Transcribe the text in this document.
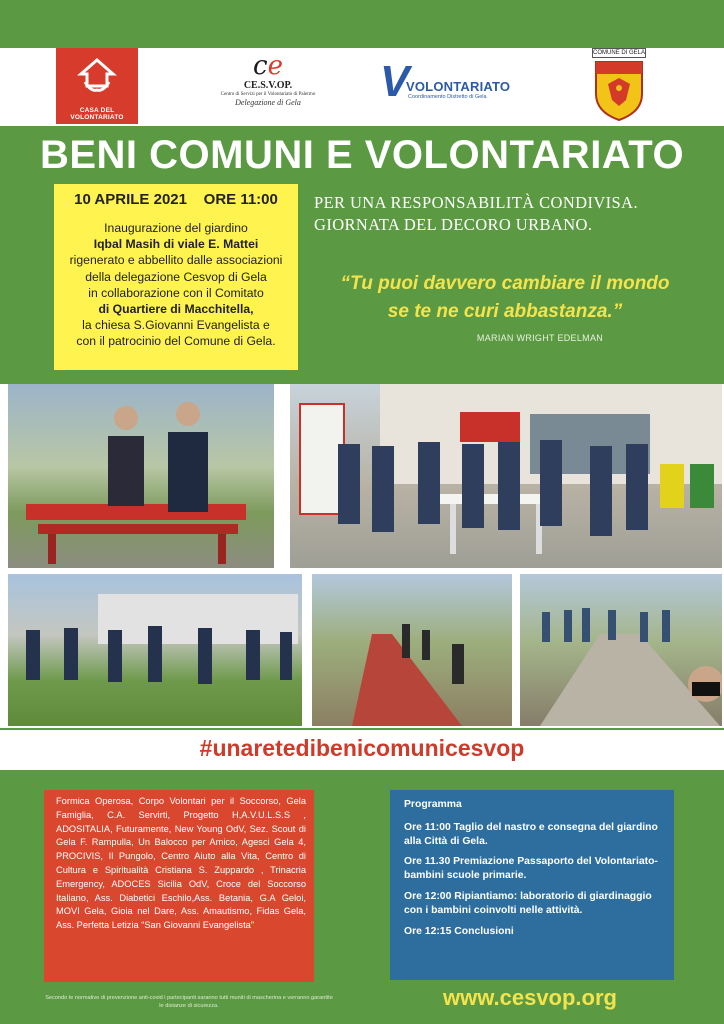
CASA DEL VOLONTARIATO
ce
CE.S.V.OP.
Centro di Servizi per il Volontariato di Palermo
Delegazione di Gela	V
VOLONTARIATO
Coordinamento Distretto di Gela
COMUNE DI GELA
BENI COMUNI E VOLONTARIATO
10 APRILE 2021    ORE 11:00
Inaugurazione del giardino
Iqbal Masih di viale E. Mattei
rigenerato e abbellito dalle associazioni
della delegazione Cesvop di Gela
in collaborazione con il Comitato
di Quartiere di Macchitella,
la chiesa S.Giovanni Evangelista e
con il patrocinio del Comune di Gela.
PER UNA RESPONSABILITÀ CONDIVISA.
GIORNATA DEL DECORO URBANO.
“Tu puoi davvero cambiare il mondo
se te ne curi abbastanza.”
MARIAN WRIGHT EDELMAN
#unaretedibenicomunicesvop
Formica Operosa, Corpo Volontari per il Soccorso, Gela Famiglia, C.A. Servirti, Progetto H,A.V.U.L.S.S , ADOSITALIA, Futuramente, New Young OdV, Sez. Scout di Gela F. Rampulla, Un Balocco per Amico, Agesci Gela 4, PROCIVIS, Il Pungolo, Centro Aiuto alla Vita, Centro di Cultura e Spiritualità Cristiana S. Zuppardo , Trinacria Emergency, ADOCES Sicilia OdV, Croce del Soccorso Italiano, Ass. Diabetici Eschilo,Ass. Betania, G.A Geloi, MOVI Gela, Gioia nel Dare, Ass. Amautismo, Fidas Gela, Ass. Perfetta Letizia “San Giovanni Evangelista”
Programma
Ore 11:00 Taglio del nastro e consegna del giardino alla Città di Gela.
Ore 11.30 Premiazione Passaporto del Volontariato-bambini scuole primarie.
Ore 12:00 Ripiantiamo: laboratorio di giardinaggio con i bambini coinvolti nelle attività.
Ore 12:15 Conclusioni
Secondo le normative di prevenzione anti-covid i partecipanti saranno tutti muniti di mascherina e verranno garantite le distanze di sicurezza.	www.cesvop.org
